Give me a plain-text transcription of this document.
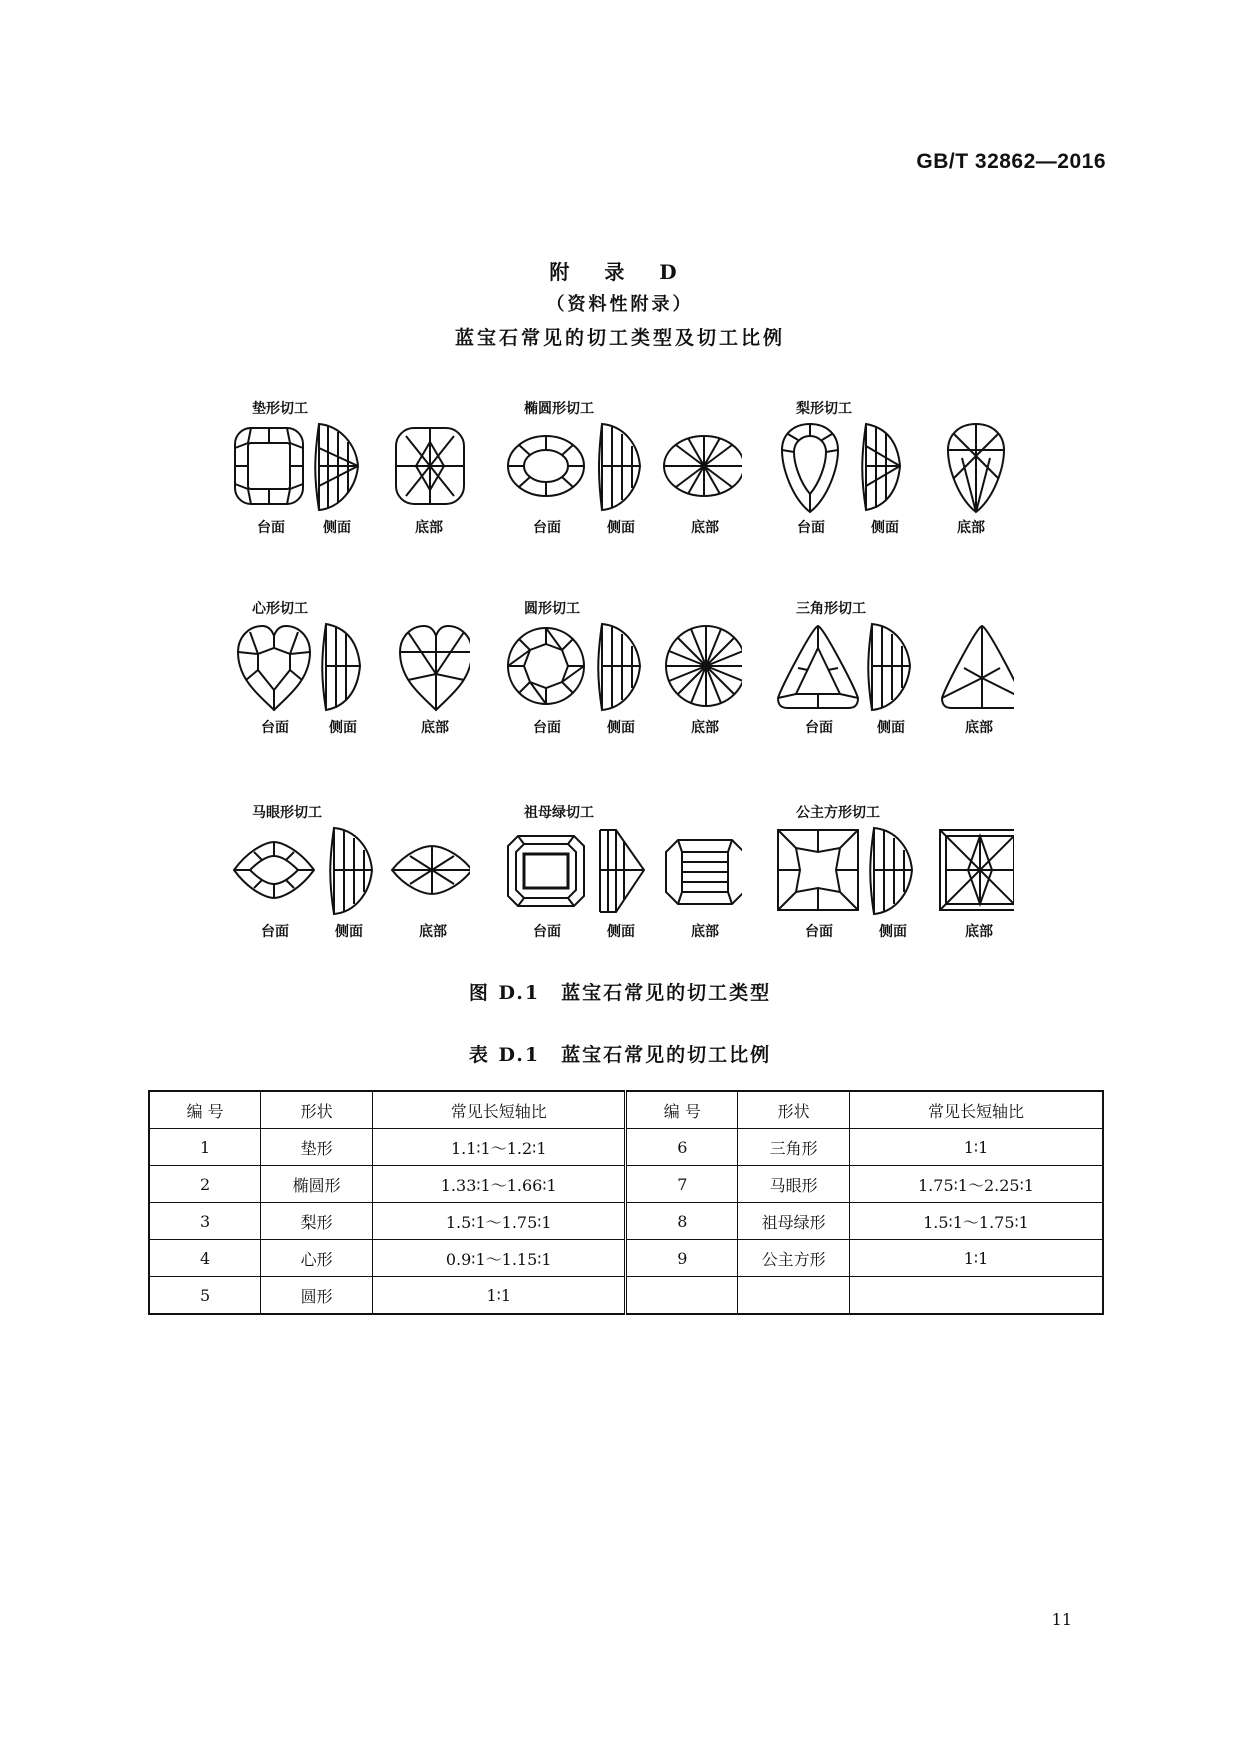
GB/T 32862—2016
附 录 D
（资料性附录）
蓝宝石常见的切工类型及切工比例
垫形切工
台面	侧面	底部
椭圆形切工
台面	侧面	底部
梨形切工
台面	侧面	底部
心形切工
台面	侧面	底部
圆形切工
台面	侧面	底部
三角形切工
台面	侧面	底部
马眼形切工
台面	侧面	底部
祖母绿切工
台面	侧面	底部
公主方形切工
台面	侧面	底部
图 D.1　蓝宝石常见的切工类型
表 D.1　蓝宝石常见的切工比例
编 号	形状	常见长短轴比	编 号	形状	常见长短轴比
1	垫形	1.1∶1～1.2∶1	6	三角形	1∶1
2	椭圆形	1.33∶1～1.66∶1	7	马眼形	1.75∶1～2.25∶1
3	梨形	1.5∶1～1.75∶1	8	祖母绿形	1.5∶1～1.75∶1
4	心形	0.9∶1～1.15∶1	9	公主方形	1∶1
5	圆形	1∶1			
11
